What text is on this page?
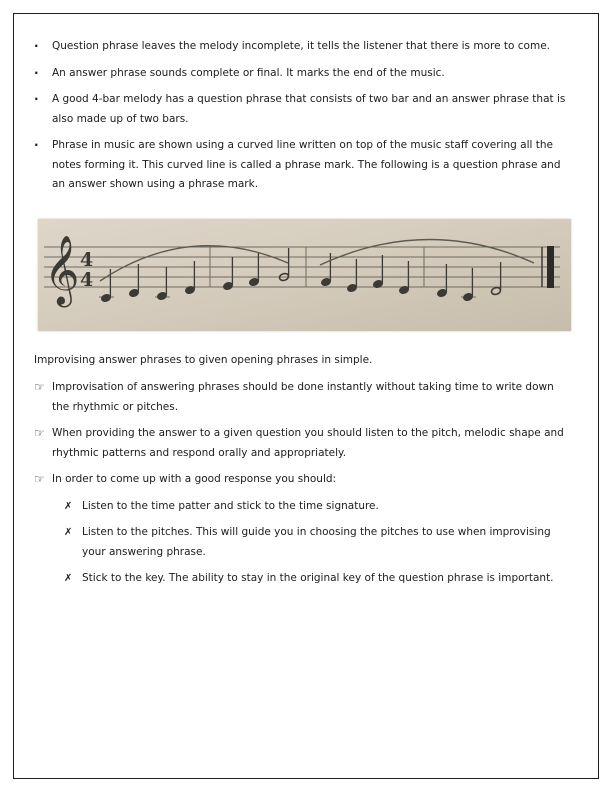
·	Question phrase leaves the melody incomplete, it tells the listener that there is more to come.
·	An answer phrase sounds complete or final. It marks the end of the music.
·	A good 4-bar melody has a question phrase that consists of two bar and an answer phrase that is also made up of two bars.
·	Phrase in music are shown using a curved line written on top of the music staff covering all the notes forming it. This curved line is called a phrase mark. The following is a question phrase and an answer shown using a phrase mark.
𝄞 4
4

Improvising answer phrases to given opening phrases in simple.

☞ Improvisation of answering phrases should be done instantly without taking time to write down the rhythmic or pitches.
☞ When providing the answer to a given question you should listen to the pitch, melodic shape and rhythmic patterns and respond orally and appropriately.
☞ In order to come up with a good response you should:
✗ Listen to the time patter and stick to the time signature.
✗ Listen to the pitches. This will guide you in choosing the pitches to use when improvising your answering phrase.
✗ Stick to the key. The ability to stay in the original key of the question phrase is important.
